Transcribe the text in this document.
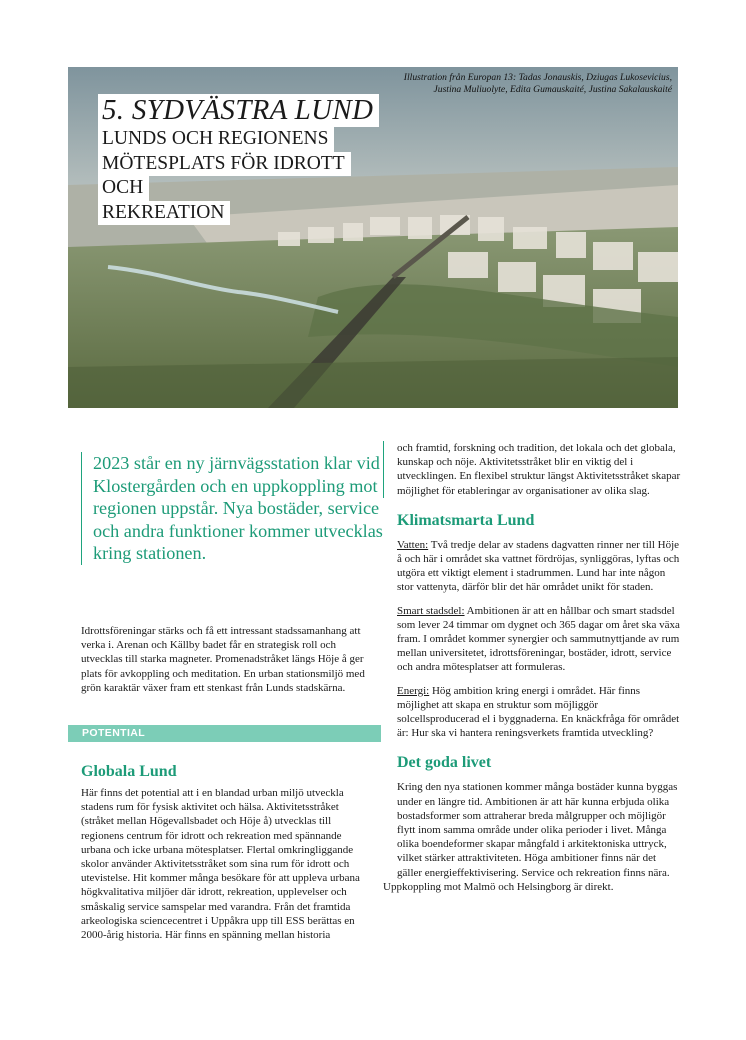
Illustration från Europan 13: Tadas Jonauskis, Dziugas Lukosevicius,
Justina Muliuolyte, Edita Gumauskaité, Justina Sakalauskaité
5. SYDVÄSTRA LUND
LUNDS OCH REGIONENS
MÖTESPLATS FÖR IDROTT
OCH
REKREATION
2023 står en ny järnvägsstation klar vid Klostergården och en uppkoppling mot regionen uppstår. Nya bostäder, service och andra funktioner kommer utvecklas kring stationen.
Idrottsföreningar stärks och få ett intressant stadssamanhang att verka i. Arenan och Källby badet får en strategisk roll och utvecklas till starka magneter. Promenadstråket längs Höje å ger plats för avkoppling och meditation. En urban stationsmiljö med grön karaktär växer fram ett stenkast från Lunds stadskärna.
POTENTIAL
Globala Lund
Här finns det potential att i en blandad urban miljö utveckla stadens rum för fysisk aktivitet och hälsa. Aktivitetsstråket (stråket mellan Högevallsbadet och Höje å) utvecklas till regionens centrum för idrott och rekreation med spännande urbana och icke urbana mötesplatser. Flertal omkringliggande skolor använder Aktivitetsstråket som sina rum för idrott och utevistelse. Hit kommer många besökare för att uppleva urbana högkvalitativa miljöer där idrott, rekreation, upplevelser och småskalig service samspelar med varandra. Från det framtida arkeologiska sciencecentret i Uppåkra upp till ESS berättas en 2000-årig historia. Här finns en spänning mellan historia
och framtid, forskning och tradition, det lokala och det globala, kunskap och nöje. Aktivitetsstråket blir en viktig del i utvecklingen. En flexibel struktur längst Aktivitetsstråket skapar möjlighet för etableringar av organisationer av olika slag.
Klimatsmarta Lund

Vatten: Två tredje delar av stadens dagvatten rinner ner till Höje å och här i området ska vattnet fördröjas, synliggöras, lyftas och utgöra ett viktigt element i stadrummen. Lund har inte någon stor vattenyta, därför blir det här området unikt för staden.

Smart stadsdel: Ambitionen är att en hållbar och smart stadsdel som lever 24 timmar om dygnet och 365 dagar om året ska växa fram. I området kommer synergier och sammutnyttjande av rum mellan universitetet, idrottsföreningar, bostäder, idrott, service och andra mötesplatser att formuleras.

Energi: Hög ambition kring energi i området. Här finns möjlighet att skapa en struktur som möjliggör solcellsproducerad el i byggnaderna. En knäckfråga för området är: Hur ska vi hantera reningsverkets framtida utveckling?

Det goda livet
Kring den nya stationen kommer många bostäder kunna byggas under en längre tid. Ambitionen är att här kunna erbjuda olika bostadsformer som attraherar breda målgrupper och möjligör flytt inom samma område under olika perioder i livet. Många olika boendeformer skapar mångfald i arkitektoniska uttryck, vilket stärker attraktiviteten. Höga ambitioner finns när det gäller energieffektivisering. Service och rekreation finns nära.
Uppkoppling mot Malmö och Helsingborg är direkt.
